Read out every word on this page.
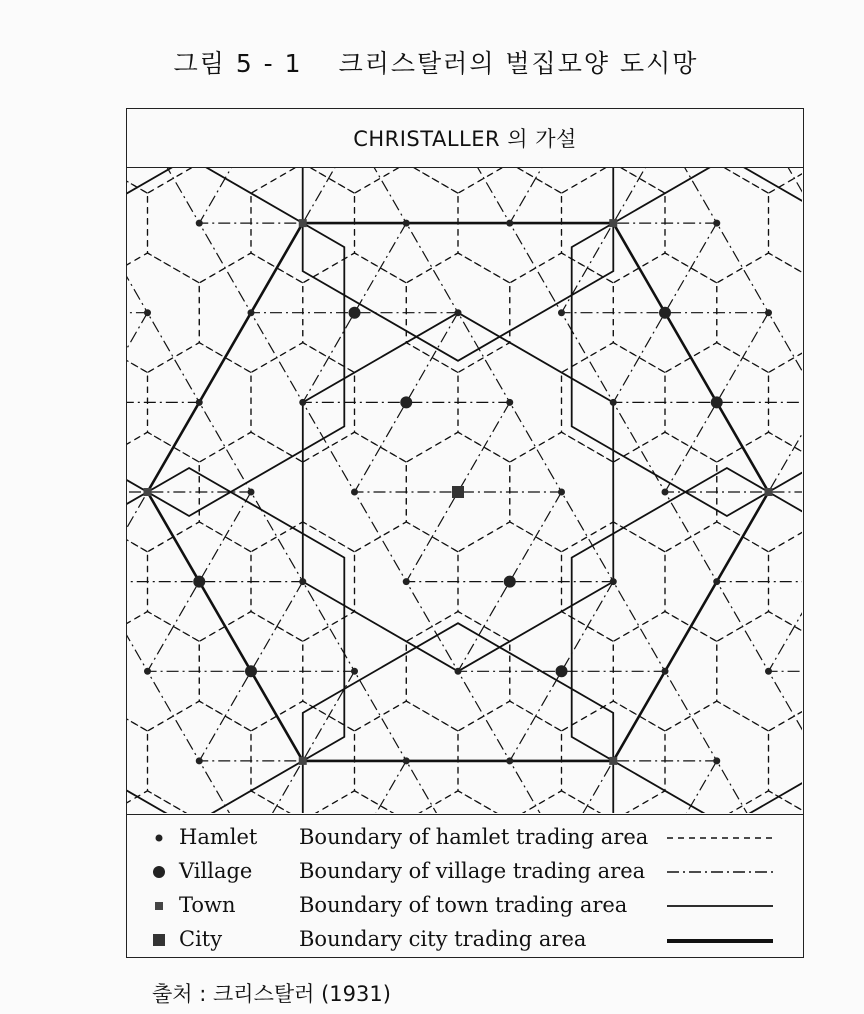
그림 5 - 1 크리스탈러의 벌집모양 도시망
CHRISTALLER 의 가설
Hamlet Boundary of hamlet trading area
Village Boundary of village trading area
Town	Boundary of town trading area
City	Boundary city trading area
출처 : 크리스탈러 (1931)
